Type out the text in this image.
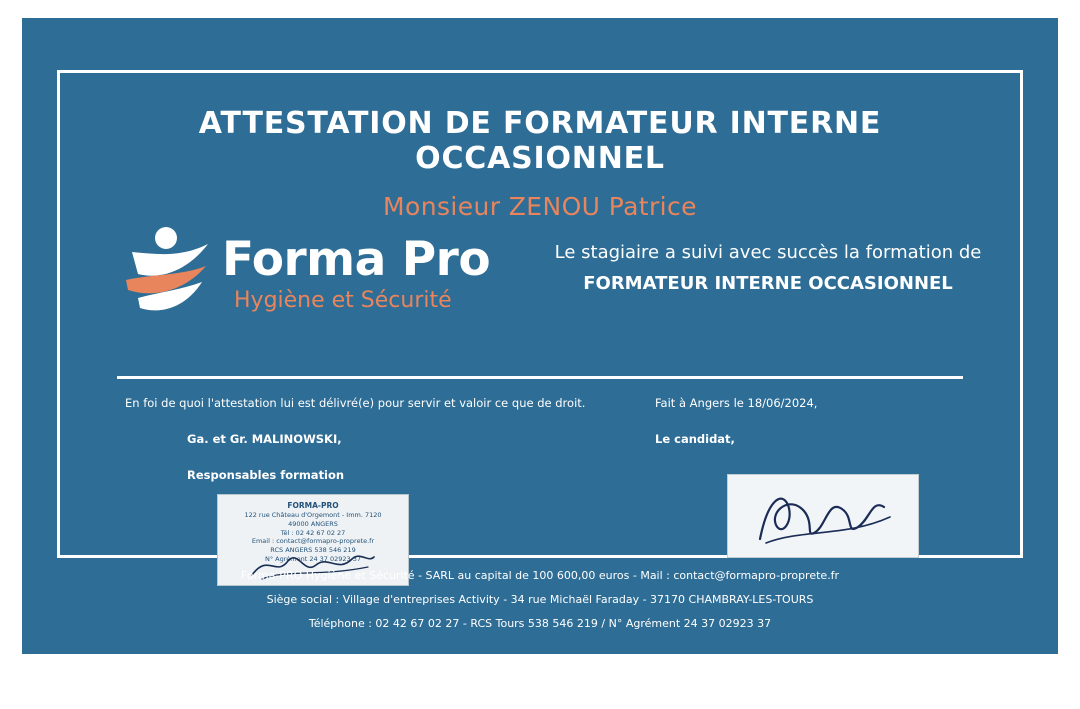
ATTESTATION DE FORMATEUR INTERNE OCCASIONNEL
Monsieur ZENOU Patrice
Forma Pro
Hygiène et Sécurité
Le stagiaire a suivi avec succès la formation de
FORMATEUR INTERNE OCCASIONNEL
En foi de quoi l'attestation lui est délivré(e) pour servir et valoir ce que de droit.
Ga. et Gr. MALINOWSKI,
Responsables formation
FORMA-PRO
122 rue Château d'Orgemont - Imm. 7120
49000 ANGERS
Tél : 02 42 67 02 27
Email : contact@formapro-proprete.fr
RCS ANGERS 538 546 219
N° Agrément 24 37 02923 37
Fait à Angers le 18/06/2024,
Le candidat,
Forma-PRO Hygiène et Sécurité - SARL au capital de 100 600,00 euros - Mail : contact@formapro-proprete.fr
Siège social : Village d'entreprises Activity - 34 rue Michaël Faraday - 37170 CHAMBRAY-LES-TOURS
Téléphone : 02 42 67 02 27 - RCS Tours 538 546 219 / N° Agrément 24 37 02923 37
